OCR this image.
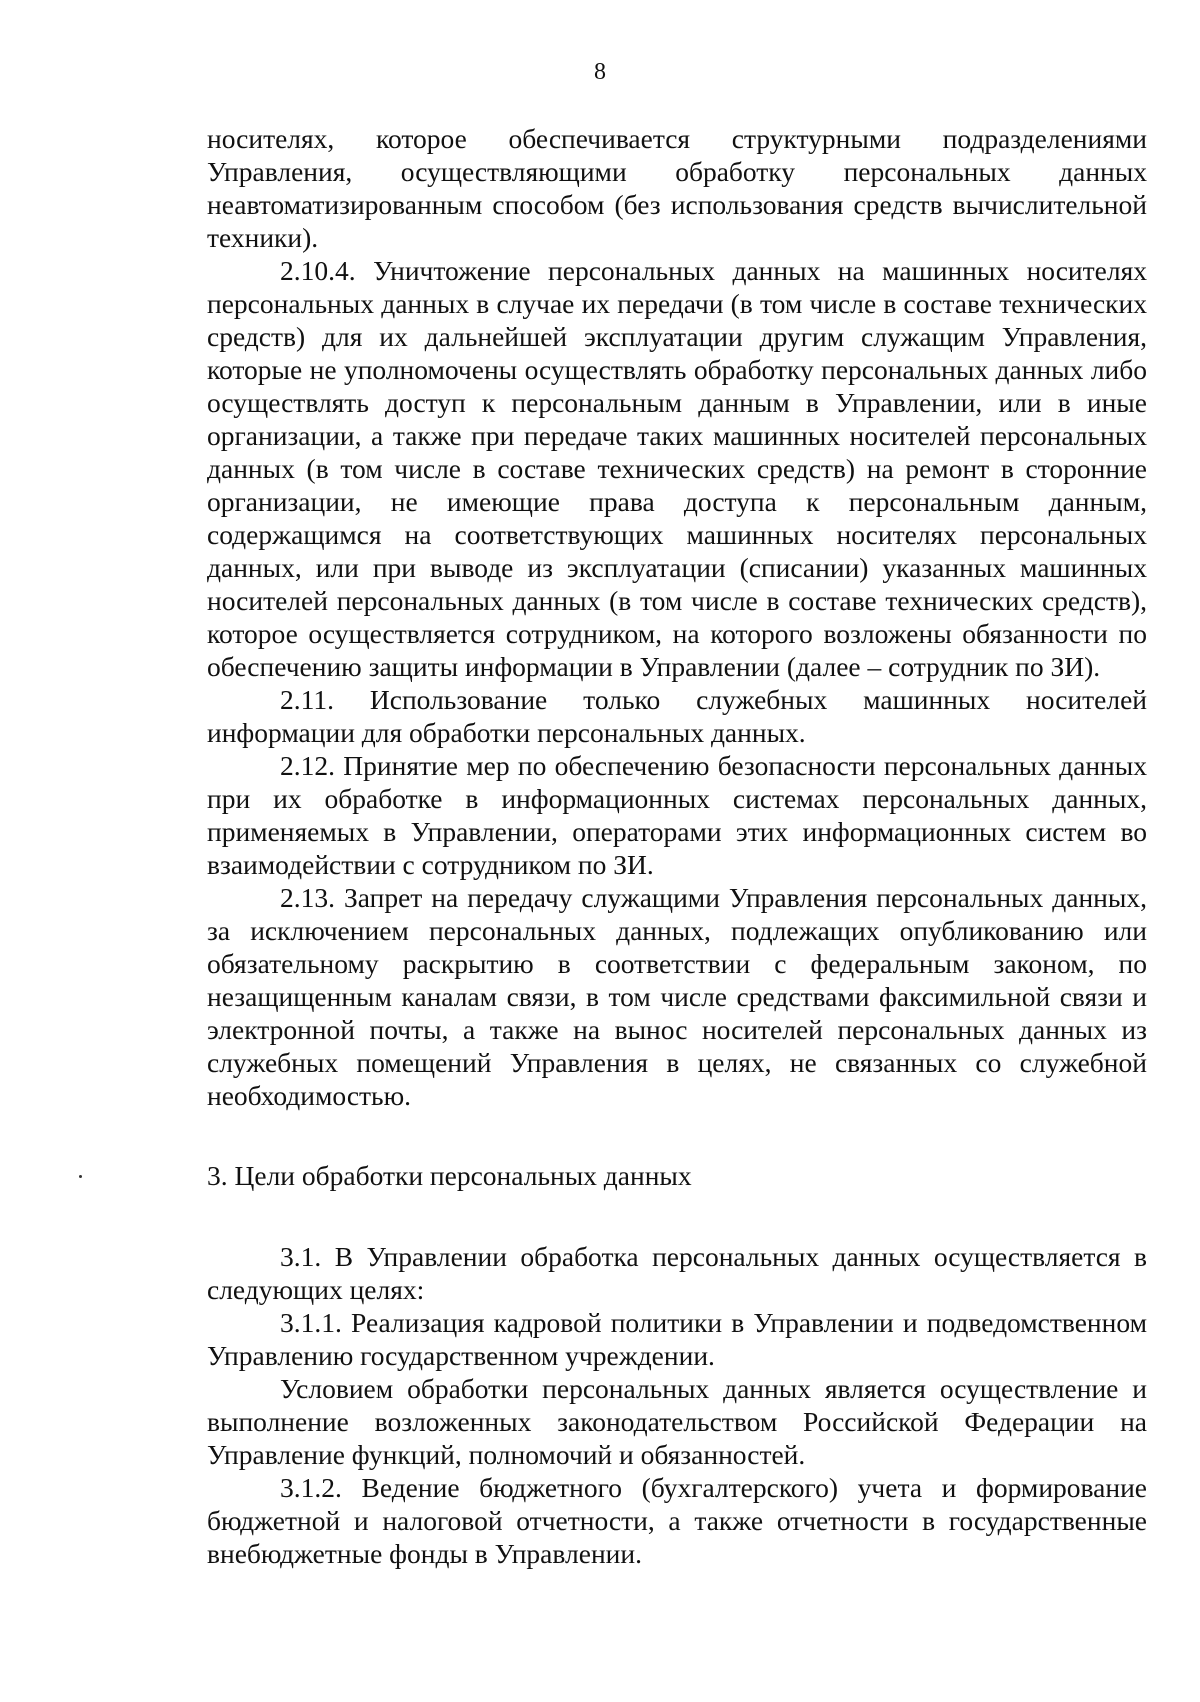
8

носителях, которое обеспечивается структурными подразделениями Управления, осуществляющими обработку персональных данных неавтоматизированным способом (без использования средств вычислительной техники).

2.10.4. Уничтожение персональных данных на машинных носителях персональных данных в случае их передачи (в том числе в составе технических средств) для их дальнейшей эксплуатации другим служащим Управления, которые не уполномочены осуществлять обработку персональных данных либо осуществлять доступ к персональным данным в Управлении, или в иные организации, а также при передаче таких машинных носителей персональных данных (в том числе в составе технических средств) на ремонт в сторонние организации, не имеющие права доступа к персональным данным, содержащимся на соответствующих машинных носителях персональных данных, или при выводе из эксплуатации (списании) указанных машинных носителей персональных данных (в том числе в составе технических средств), которое осуществляется сотрудником, на которого возложены обязанности по обеспечению защиты информации в Управлении (далее – сотрудник по ЗИ).

2.11. Использование только служебных машинных носителей информации для обработки персональных данных.

2.12. Принятие мер по обеспечению безопасности персональных данных при их обработке в информационных системах персональных данных, применяемых в Управлении, операторами этих информационных систем во взаимодействии с сотрудником по ЗИ.

2.13. Запрет на передачу служащими Управления персональных данных, за исключением персональных данных, подлежащих опубликованию или обязательному раскрытию в соответствии с федеральным законом, по незащищенным каналам связи, в том числе средствами факсимильной связи и электронной почты, а также на вынос носителей персональных данных из служебных помещений Управления в целях, не связанных со служебной необходимостью.

3. Цели обработки персональных данных

3.1. В Управлении обработка персональных данных осуществляется в следующих целях:

3.1.1. Реализация кадровой политики в Управлении и подведомственном Управлению государственном учреждении.

Условием обработки персональных данных является осуществление и выполнение возложенных законодательством Российской Федерации на Управление функций, полномочий и обязанностей.

3.1.2. Ведение бюджетного (бухгалтерского) учета и формирование бюджетной и налоговой отчетности, а также отчетности в государственные внебюджетные фонды в Управлении.
